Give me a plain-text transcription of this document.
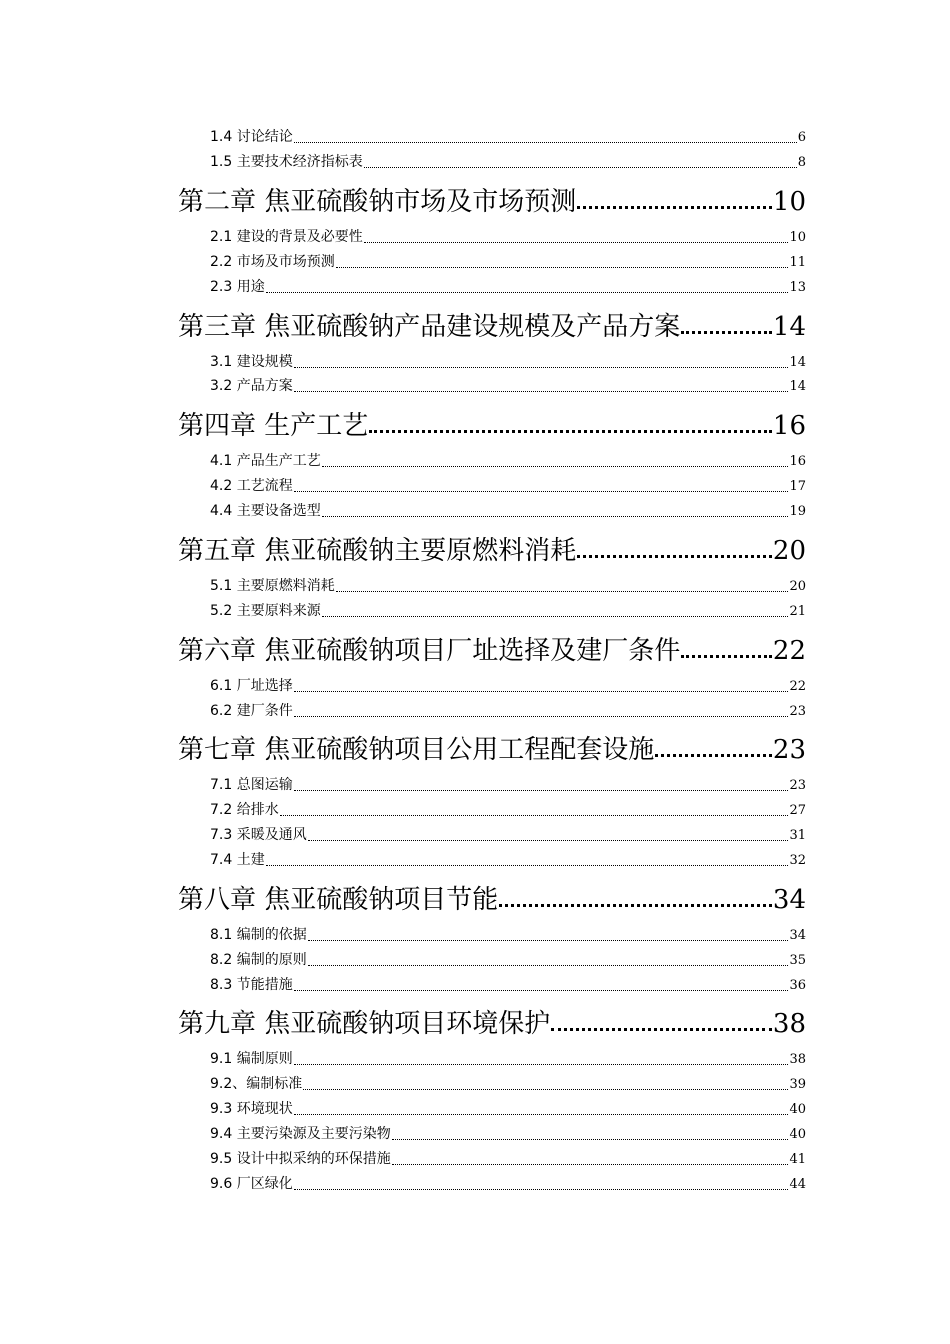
1.4 讨论结论	6
1.5 主要技术经济指标表	8
第二章 焦亚硫酸钠市场及市场预测	10
2.1 建设的背景及必要性	10
2.2 市场及市场预测	11
2.3 用途	13
第三章 焦亚硫酸钠产品建设规模及产品方案	14
3.1 建设规模	14
3.2 产品方案	14
第四章 生产工艺	16
4.1 产品生产工艺	16
4.2 工艺流程	17
4.4 主要设备选型	19
第五章 焦亚硫酸钠主要原燃料消耗	20
5.1 主要原燃料消耗	20
5.2 主要原料来源	21
第六章 焦亚硫酸钠项目厂址选择及建厂条件	22
6.1 厂址选择	22
6.2 建厂条件	23
第七章 焦亚硫酸钠项目公用工程配套设施	23
7.1 总图运输	23
7.2 给排水	27
7.3 采暖及通风	31
7.4 土建	32
第八章 焦亚硫酸钠项目节能	34
8.1 编制的依据	34
8.2 编制的原则	35
8.3 节能措施	36
第九章 焦亚硫酸钠项目环境保护	38
9.1 编制原则	38
9.2、编制标准	39
9.3 环境现状	40
9.4 主要污染源及主要污染物	40
9.5 设计中拟采纳的环保措施	41
9.6 厂区绿化	44
